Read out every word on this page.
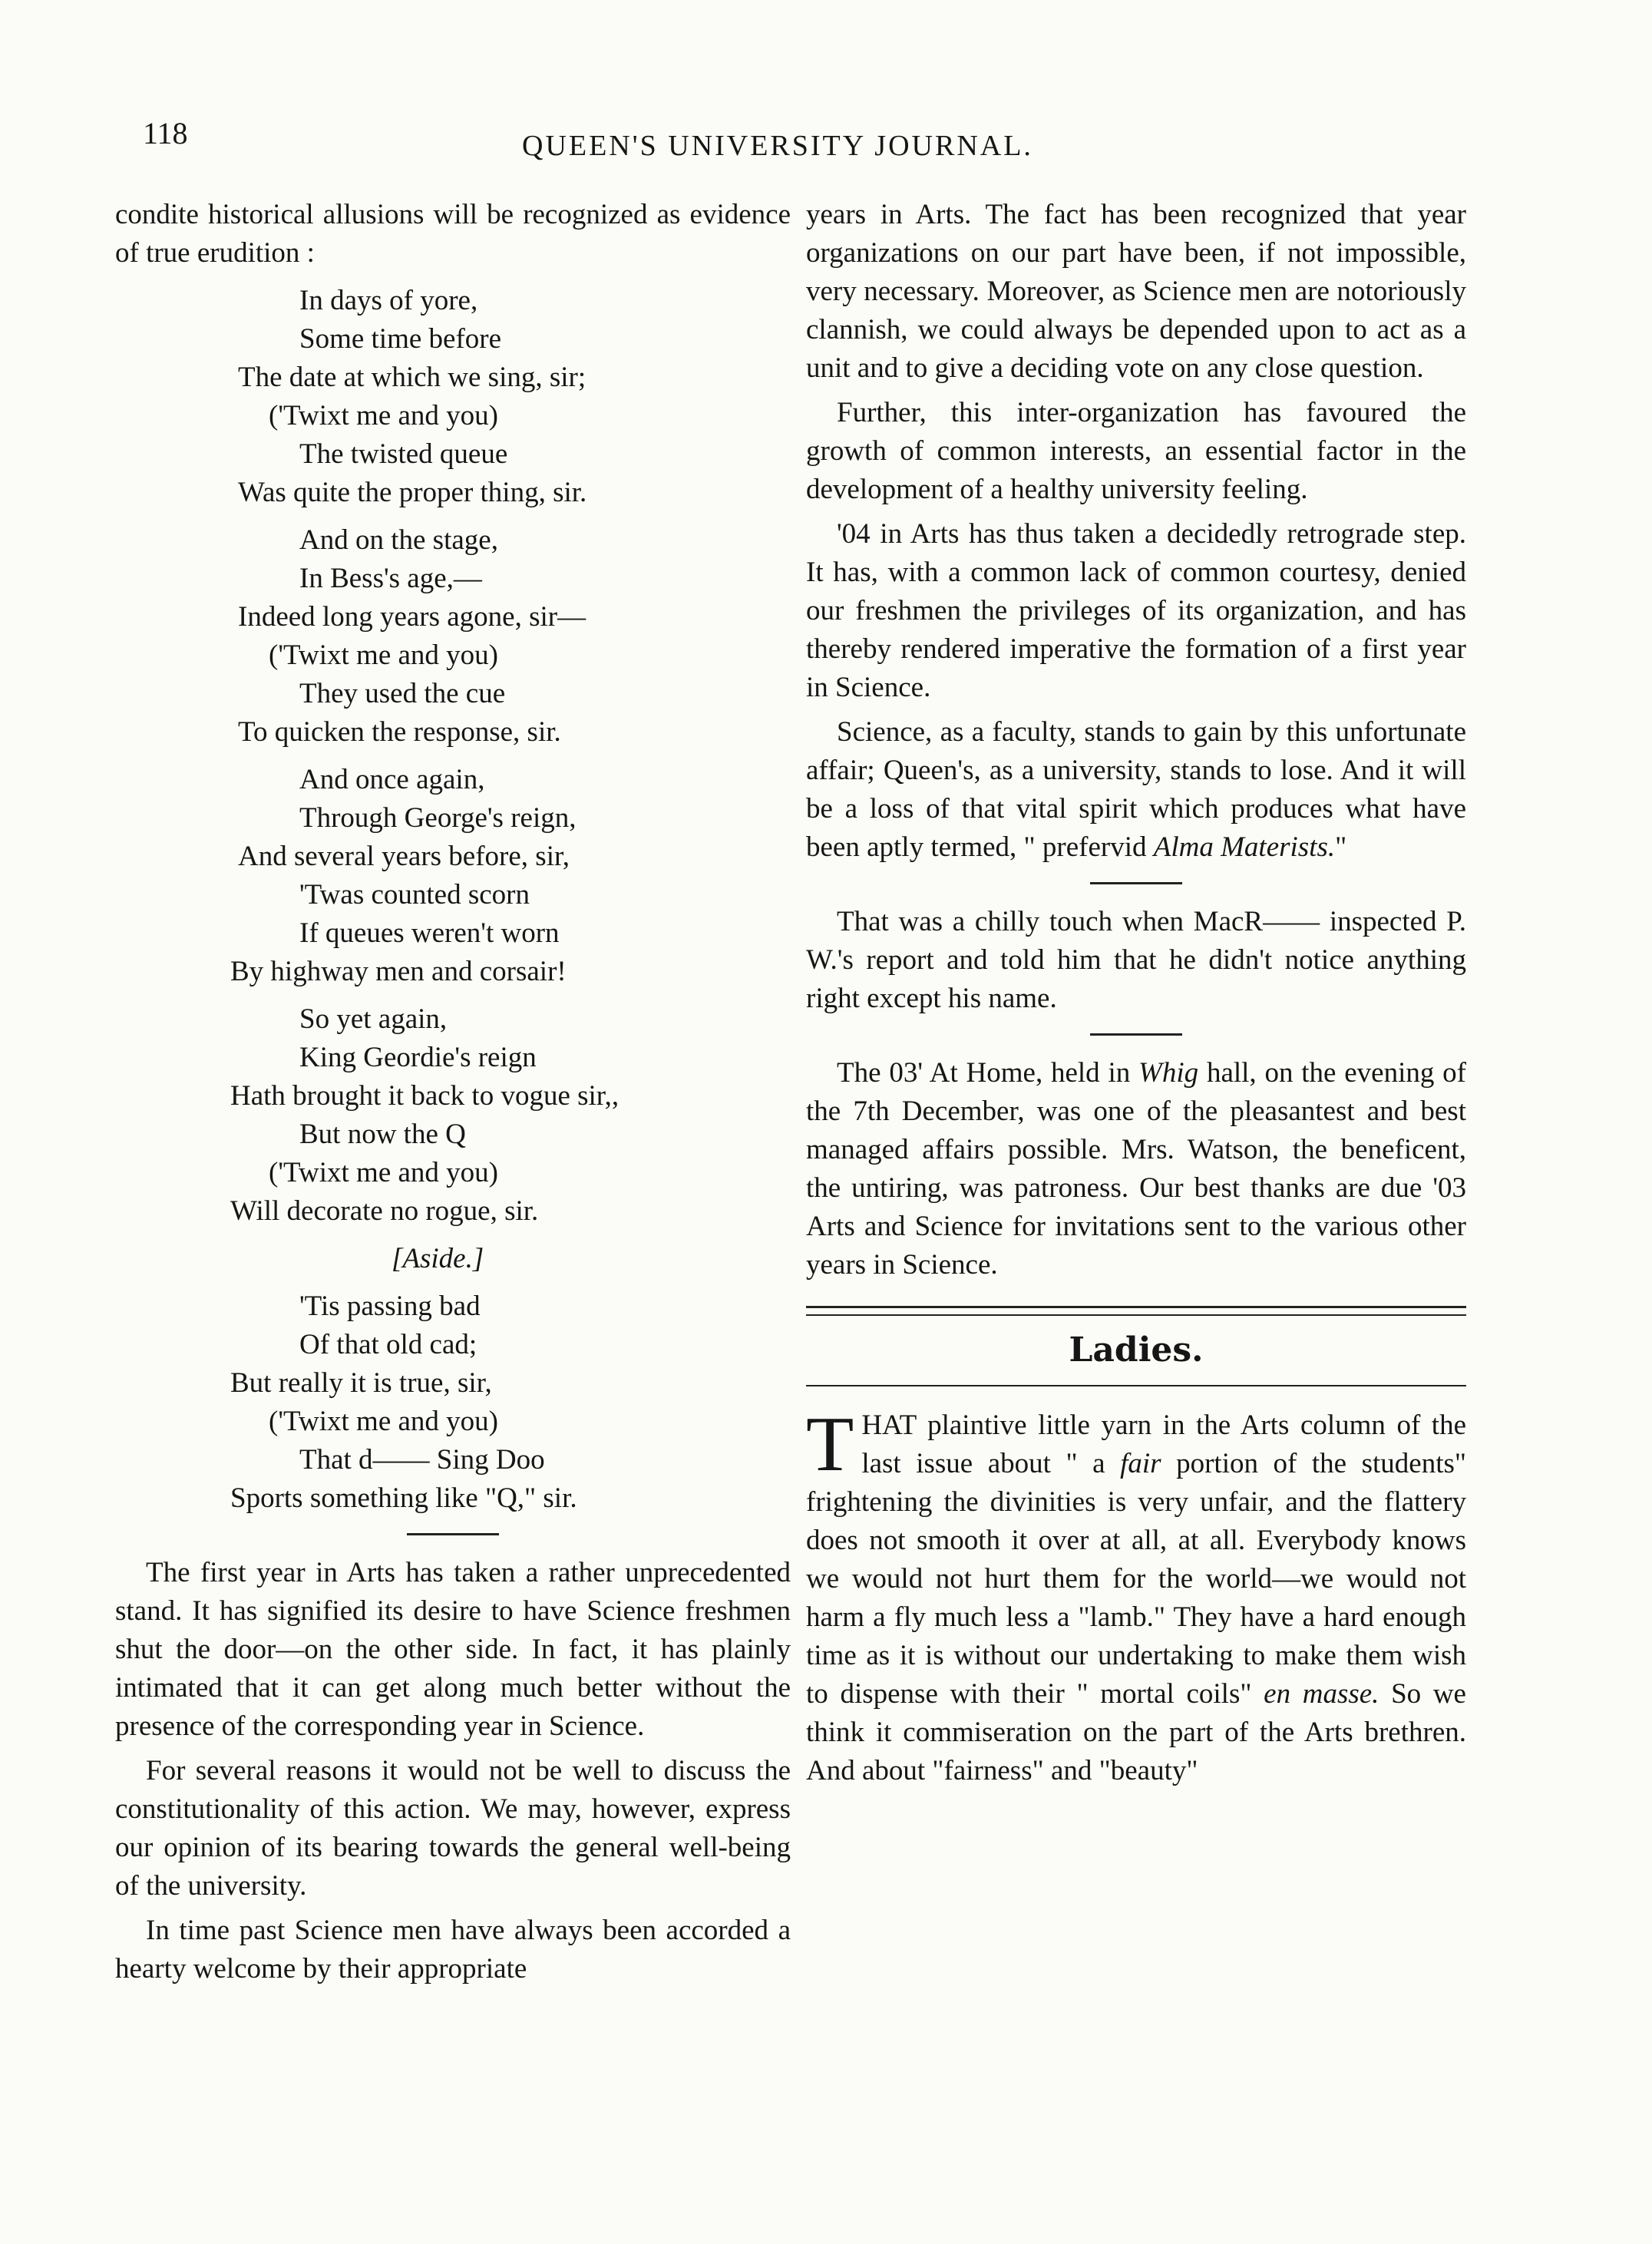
118	QUEEN'S UNIVERSITY JOURNAL.

condite historical allusions will be recognized as evidence of true erudition :

In days of yore,
Some time before
The date at which we sing, sir;
('Twixt me and you)
The twisted queue
Was quite the proper thing, sir.
And on the stage,
In Bess's age,—
Indeed long years agone, sir—
('Twixt me and you)
They used the cue
To quicken the response, sir.
And once again,
Through George's reign,
And several years before, sir,
'Twas counted scorn
If queues weren't worn
By highway men and corsair!
So yet again,
King Geordie's reign
Hath brought it back to vogue sir,,
But now the Q
('Twixt me and you)
Will decorate no rogue, sir.
[Aside.]
'Tis passing bad
Of that old cad;
But really it is true, sir,
('Twixt me and you)
That d—— Sing Doo
Sports something like "Q," sir.

The first year in Arts has taken a rather unprecedented stand. It has signified its desire to have Science freshmen shut the door—on the other side. In fact, it has plainly intimated that it can get along much better without the presence of the corresponding year in Science.

For several reasons it would not be well to discuss the constitutionality of this action. We may, however, express our opinion of its bearing towards the general well-being of the university.

In time past Science men have always been accorded a hearty welcome by their appropriate

years in Arts. The fact has been recognized that year organizations on our part have been, if not impossible, very necessary. Moreover, as Science men are notoriously clannish, we could always be depended upon to act as a unit and to give a deciding vote on any close question.

Further, this inter-organization has favoured the growth of common interests, an essential factor in the development of a healthy university feeling.

'04 in Arts has thus taken a decidedly retrograde step. It has, with a common lack of common courtesy, denied our freshmen the privileges of its organization, and has thereby rendered imperative the formation of a first year in Science.

Science, as a faculty, stands to gain by this unfortunate affair; Queen's, as a university, stands to lose. And it will be a loss of that vital spirit which produces what have been aptly termed, " prefervid Alma Materists."

That was a chilly touch when MacR—— inspected P. W.'s report and told him that he didn't notice anything right except his name.

The 03' At Home, held in Whig hall, on the evening of the 7th December, was one of the pleasantest and best managed affairs possible. Mrs. Watson, the beneficent, the untiring, was patroness. Our best thanks are due '03 Arts and Science for invitations sent to the various other years in Science.

Ladies.

THAT plaintive little yarn in the Arts column of the last issue about " a fair portion of the students" frightening the divinities is very unfair, and the flattery does not smooth it over at all, at all. Everybody knows we would not hurt them for the world—we would not harm a fly much less a "lamb." They have a hard enough time as it is without our undertaking to make them wish to dispense with their " mortal coils" en masse. So we think it commiseration on the part of the Arts brethren. And about "fairness" and "beauty"
